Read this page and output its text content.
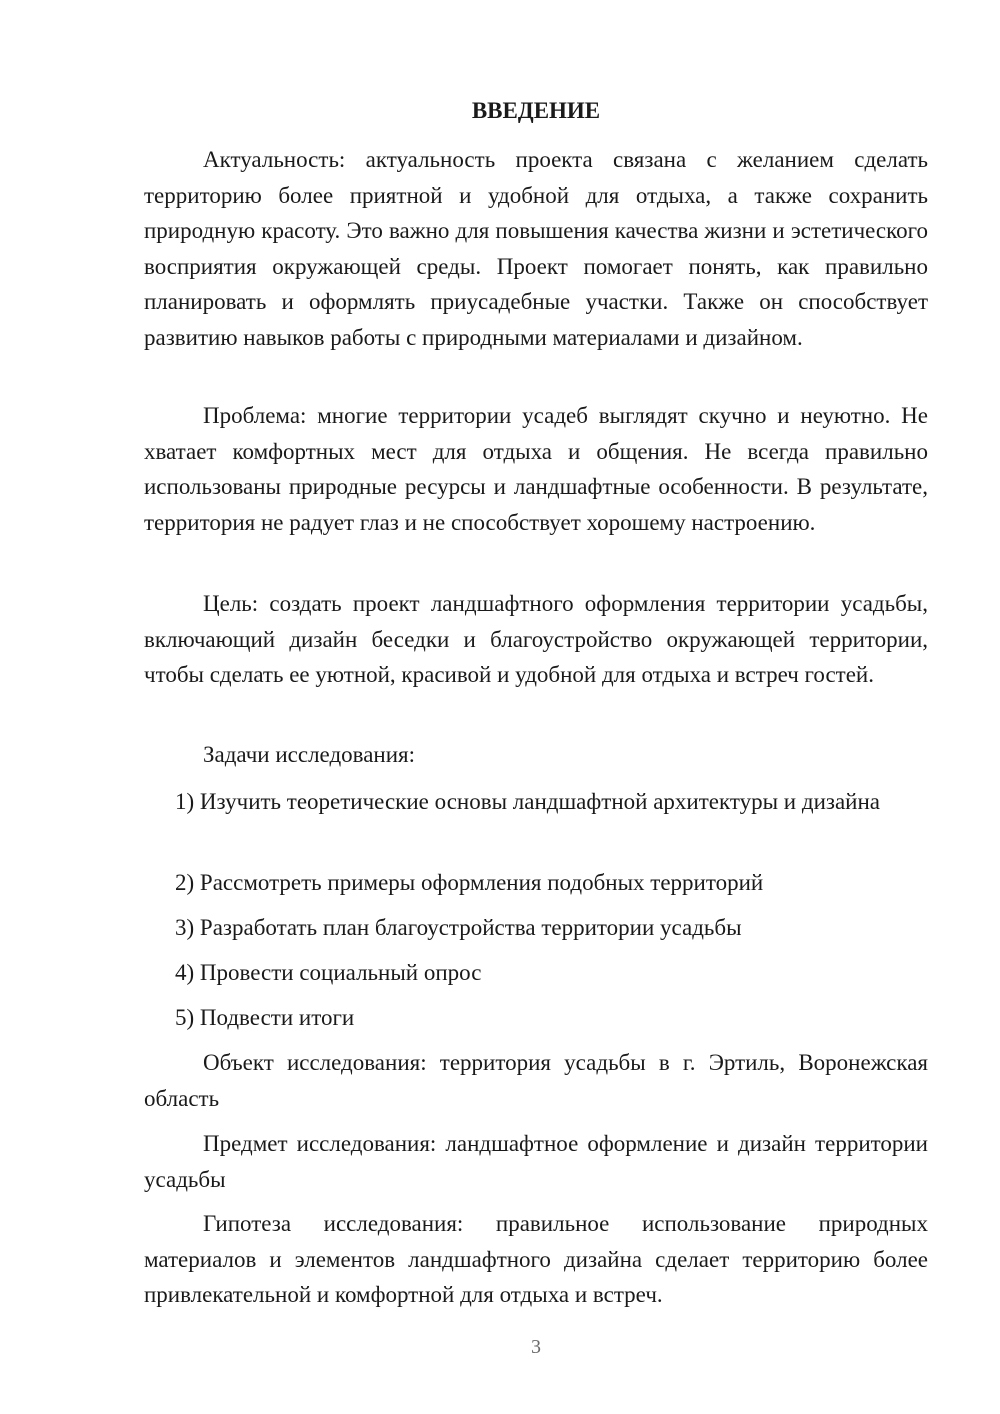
ВВЕДЕНИЕ

Актуальность: актуальность проекта связана с желанием сделать территорию более приятной и удобной для отдыха, а также сохранить природную красоту. Это важно для повышения качества жизни и эстетического восприятия окружающей среды. Проект помогает понять, как правильно планировать и оформлять приусадебные участки. Также он способствует развитию навыков работы с природными материалами и дизайном.

Проблема: многие территории усадеб выглядят скучно и неуютно. Не хватает комфортных мест для отдыха и общения. Не всегда правильно использованы природные ресурсы и ландшафтные особенности. В результате, территория не радует глаз и не способствует хорошему настроению.

Цель: создать проект ландшафтного оформления территории усадьбы, включающий дизайн беседки и благоустройство окружающей территории, чтобы сделать ее уютной, красивой и удобной для отдыха и встреч гостей.

Задачи исследования:

1) Изучить теоретические основы ландшафтной архитектуры и дизайна

2) Рассмотреть примеры оформления подобных территорий

3) Разработать план благоустройства территории усадьбы

4) Провести социальный опрос

5) Подвести итоги

Объект исследования: территория усадьбы в г. Эртиль, Воронежская область

Предмет исследования: ландшафтное оформление и дизайн территории усадьбы

Гипотеза исследования: правильное использование природных материалов и элементов ландшафтного дизайна сделает территорию более привлекательной и комфортной для отдыха и встреч.

3
